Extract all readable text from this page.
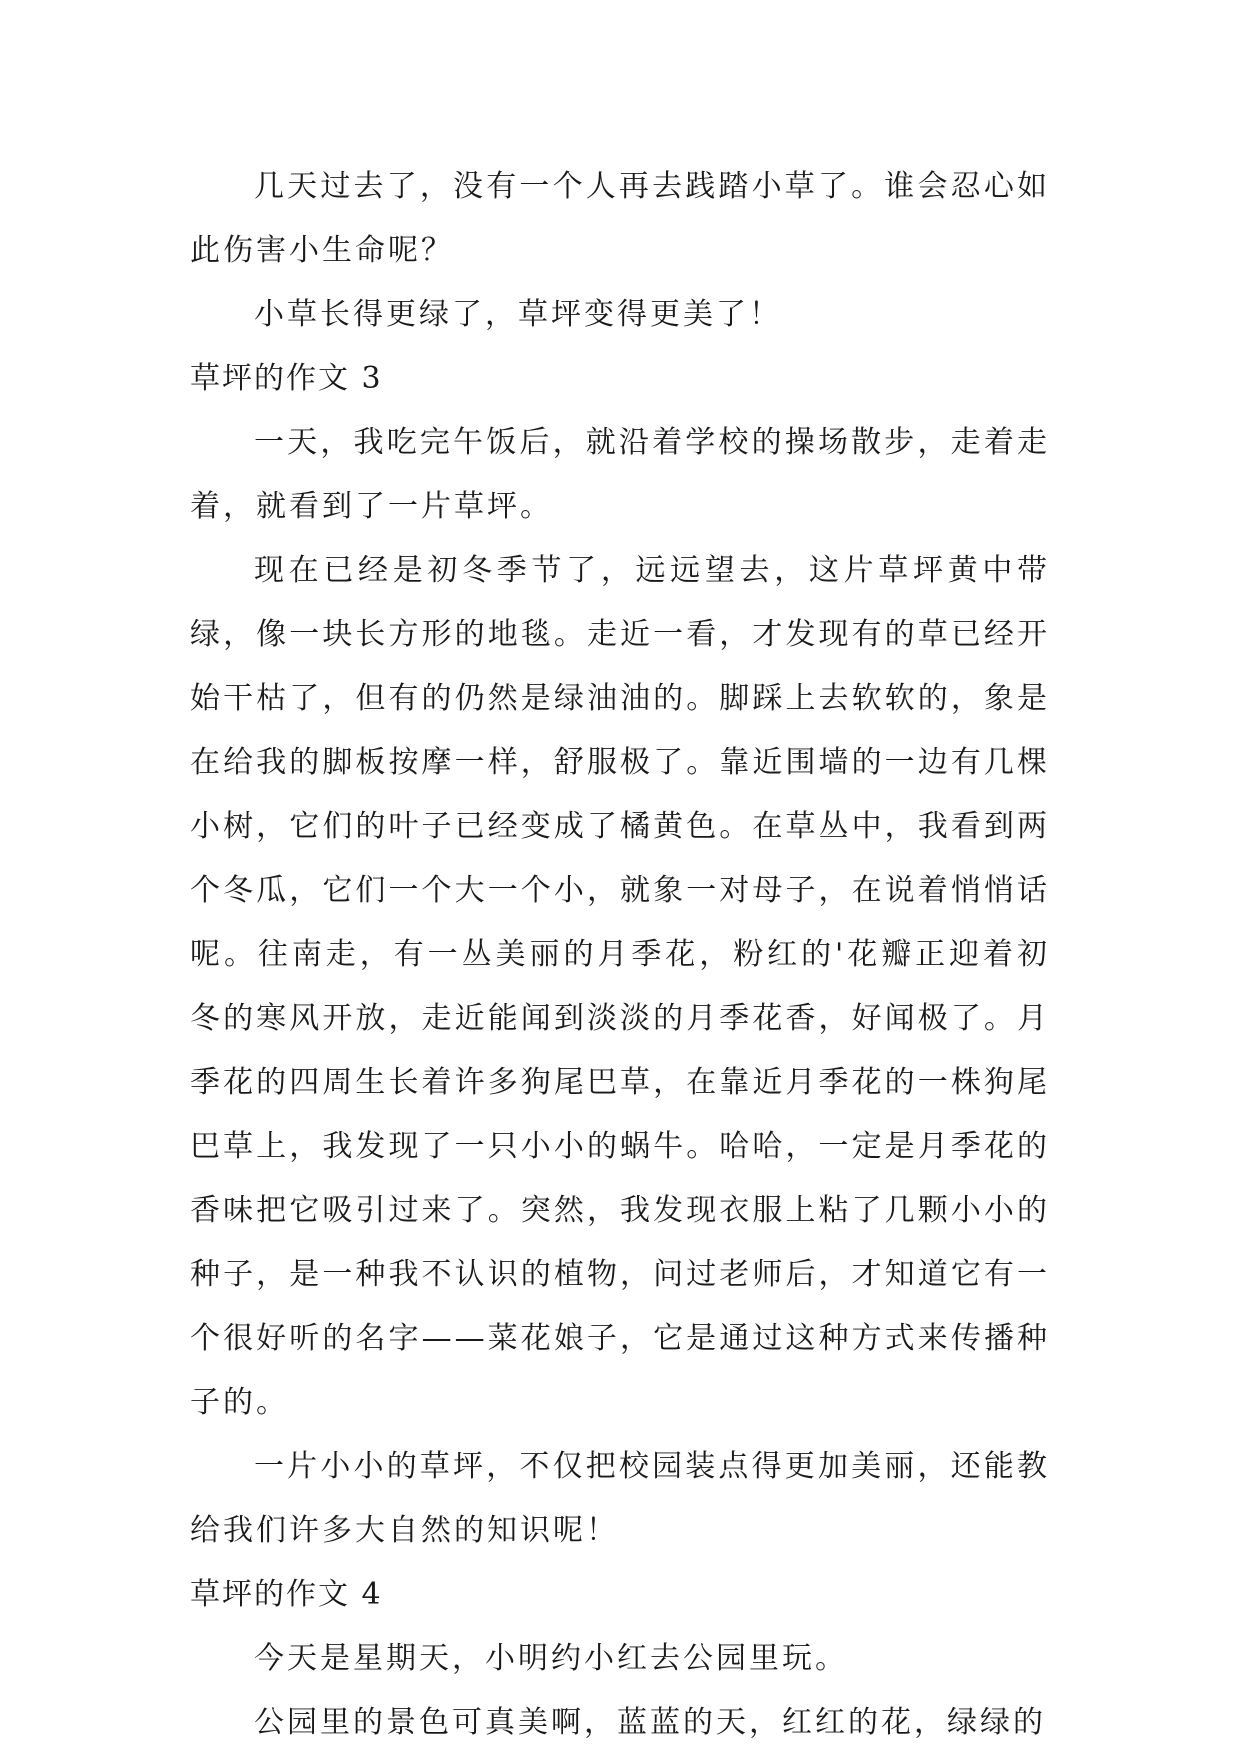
几天过去了，没有一个人再去践踏小草了。谁会忍心如此伤害小生命呢？

小草长得更绿了，草坪变得更美了！

草坪的作文 3

一天，我吃完午饭后，就沿着学校的操场散步，走着走着，就看到了一片草坪。

现在已经是初冬季节了，远远望去，这片草坪黄中带绿，像一块长方形的地毯。走近一看，才发现有的草已经开始干枯了，但有的仍然是绿油油的。脚踩上去软软的，象是在给我的脚板按摩一样，舒服极了。靠近围墙的一边有几棵小树，它们的叶子已经变成了橘黄色。在草丛中，我看到两个冬瓜，它们一个大一个小，就象一对母子，在说着悄悄话呢。往南走，有一丛美丽的月季花，粉红的'花瓣正迎着初冬的寒风开放，走近能闻到淡淡的月季花香，好闻极了。月季花的四周生长着许多狗尾巴草，在靠近月季花的一株狗尾巴草上，我发现了一只小小的蜗牛。哈哈，一定是月季花的香味把它吸引过来了。突然，我发现衣服上粘了几颗小小的种子，是一种我不认识的植物，问过老师后，才知道它有一个很好听的名字——菜花娘子，它是通过这种方式来传播种子的。

一片小小的草坪，不仅把校园装点得更加美丽，还能教给我们许多大自然的知识呢！

草坪的作文 4

今天是星期天，小明约小红去公园里玩。

公园里的景色可真美啊，蓝蓝的天，红红的花，绿绿的
